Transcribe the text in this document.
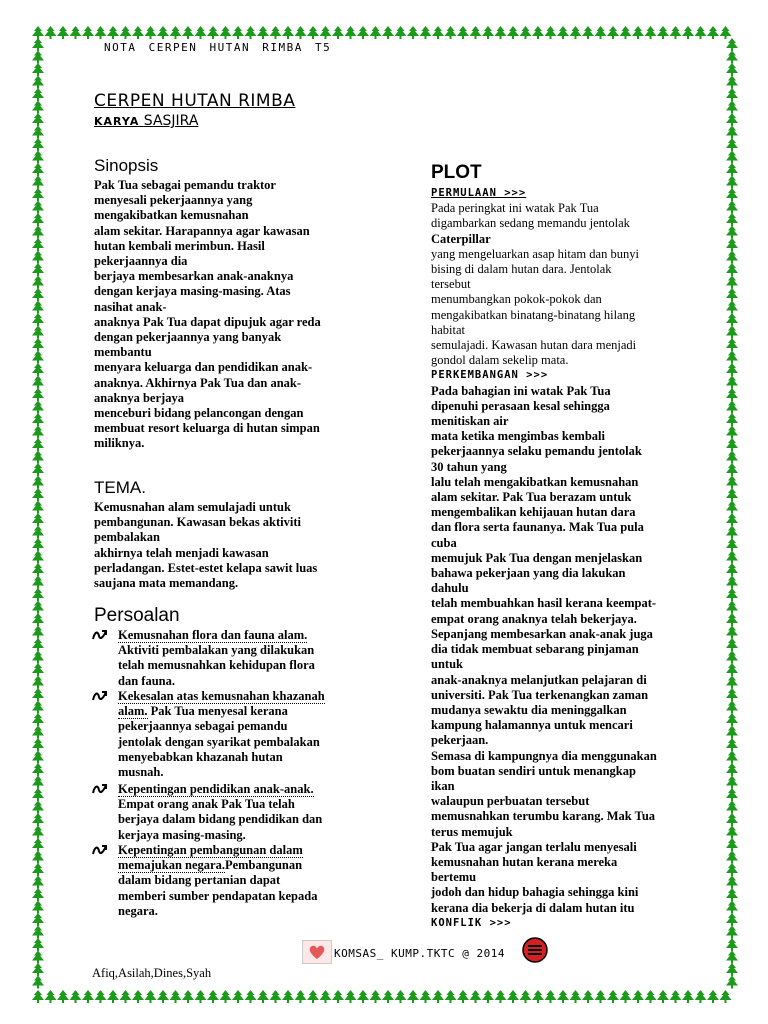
NOTA CERPEN HUTAN RIMBA T5
CERPEN HUTAN RIMBA
KARYA SASJIRA
Sinopsis
Pak Tua sebagai pemandu traktor
menyesali pekerjaannya yang
mengakibatkan kemusnahan
alam sekitar. Harapannya agar kawasan
hutan kembali merimbun. Hasil
pekerjaannya dia
berjaya membesarkan anak-anaknya
dengan kerjaya masing-masing. Atas
nasihat anak-
anaknya Pak Tua dapat dipujuk agar reda
dengan pekerjaannya yang banyak
membantu
menyara keluarga dan pendidikan anak-
anaknya. Akhirnya Pak Tua dan anak-
anaknya berjaya
menceburi bidang pelancongan dengan
membuat resort keluarga di hutan simpan
miliknya.
TEMA.
Kemusnahan alam semulajadi untuk
pembangunan. Kawasan bekas aktiviti
pembalakan
akhirnya telah menjadi kawasan
perladangan. Estet-estet kelapa sawit luas
saujana mata memandang.
Persoalan
Kemusnahan flora dan fauna alam.
Aktiviti pembalakan yang dilakukan
telah memusnahkan kehidupan flora
dan fauna.
Kekesalan atas kemusnahan khazanah
alam. Pak Tua menyesal kerana
pekerjaannya sebagai pemandu
jentolak dengan syarikat pembalakan
menyebabkan khazanah hutan
musnah.
Kepentingan pendidikan anak-anak.
Empat orang anak Pak Tua telah
berjaya dalam bidang pendidikan dan
kerjaya masing-masing.
Kepentingan pembangunan dalam
memajukan negara.Pembangunan
dalam bidang pertanian dapat
memberi sumber pendapatan kepada
negara.
PLOT
PERMULAAN >>>
Pada peringkat ini watak Pak Tua
digambarkan sedang memandu jentolak
Caterpillar
yang mengeluarkan asap hitam dan bunyi
bising di dalam hutan dara. Jentolak
tersebut
menumbangkan pokok-pokok dan
mengakibatkan binatang-binatang hilang
habitat
semulajadi. Kawasan hutan dara menjadi
gondol dalam sekelip mata.
PERKEMBANGAN >>>
Pada bahagian ini watak Pak Tua
dipenuhi perasaan kesal sehingga
menitiskan air
mata ketika mengimbas kembali
pekerjaannya selaku pemandu jentolak
30 tahun yang
lalu telah mengakibatkan kemusnahan
alam sekitar. Pak Tua berazam untuk
mengembalikan kehijauan hutan dara
dan flora serta faunanya. Mak Tua pula
cuba
memujuk Pak Tua dengan menjelaskan
bahawa pekerjaan yang dia lakukan
dahulu
telah membuahkan hasil kerana keempat-
empat orang anaknya telah bekerjaya.
Sepanjang membesarkan anak-anak juga
dia tidak membuat sebarang pinjaman
untuk
anak-anaknya melanjutkan pelajaran di
universiti. Pak Tua terkenangkan zaman
mudanya sewaktu dia meninggalkan
kampung halamannya untuk mencari
pekerjaan.
Semasa di kampungnya dia menggunakan
bom buatan sendiri untuk menangkap
ikan
walaupun perbuatan tersebut
memusnahkan terumbu karang. Mak Tua
terus memujuk
Pak Tua agar jangan terlalu menyesali
kemusnahan hutan kerana mereka
bertemu
jodoh dan hidup bahagia sehingga kini
kerana dia bekerja di dalam hutan itu
KONFLIK >>>
KOMSAS_ KUMP.TKTC @ 2014
Afiq,Asilah,Dines,Syah
